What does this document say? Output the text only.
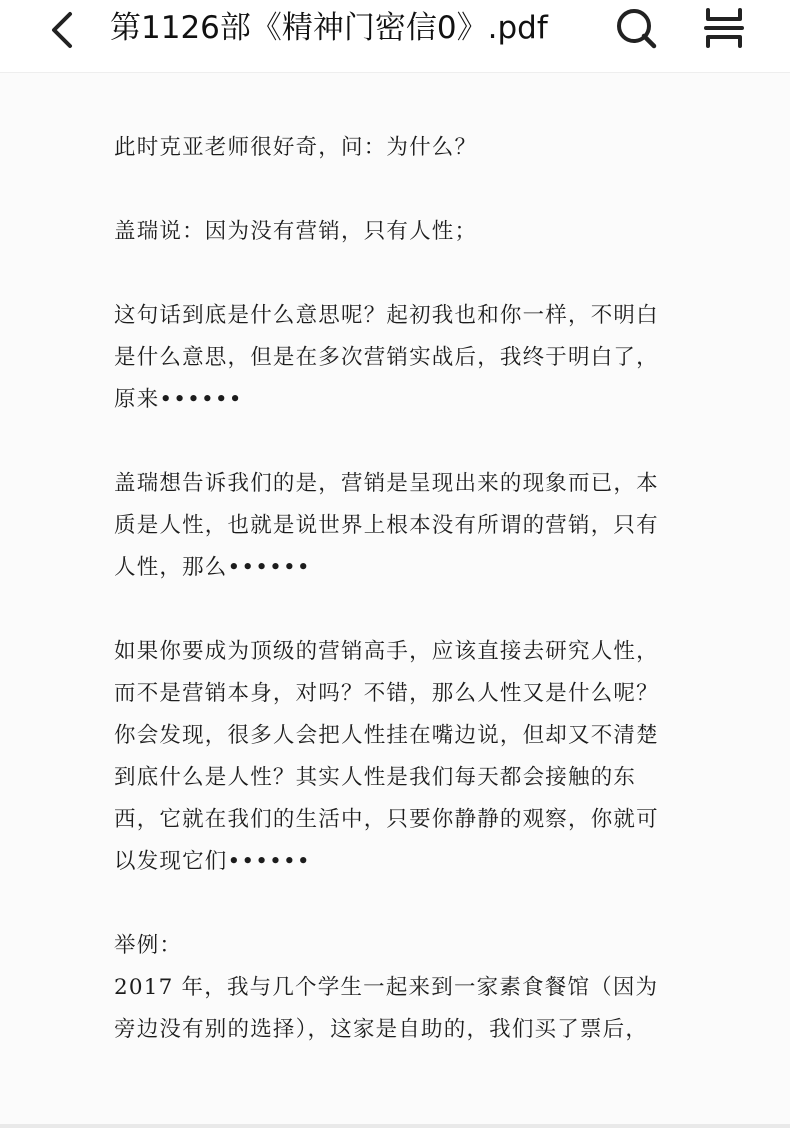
第1126部《精神门密信0》.pdf

此时克亚老师很好奇，问：为什么？

盖瑞说：因为没有营销，只有人性；

这句话到底是什么意思呢？起初我也和你一样，不明白是什么意思，但是在多次营销实战后，我终于明白了，原来••••••

盖瑞想告诉我们的是，营销是呈现出来的现象而已，本质是人性，也就是说世界上根本没有所谓的营销，只有人性，那么••••••

如果你要成为顶级的营销高手，应该直接去研究人性，而不是营销本身，对吗？不错，那么人性又是什么呢？你会发现，很多人会把人性挂在嘴边说，但却又不清楚到底什么是人性？其实人性是我们每天都会接触的东西，它就在我们的生活中，只要你静静的观察，你就可以发现它们••••••

举例：

2017 年，我与几个学生一起来到一家素食餐馆（因为旁边没有别的选择），这家是自助的，我们买了票后，
